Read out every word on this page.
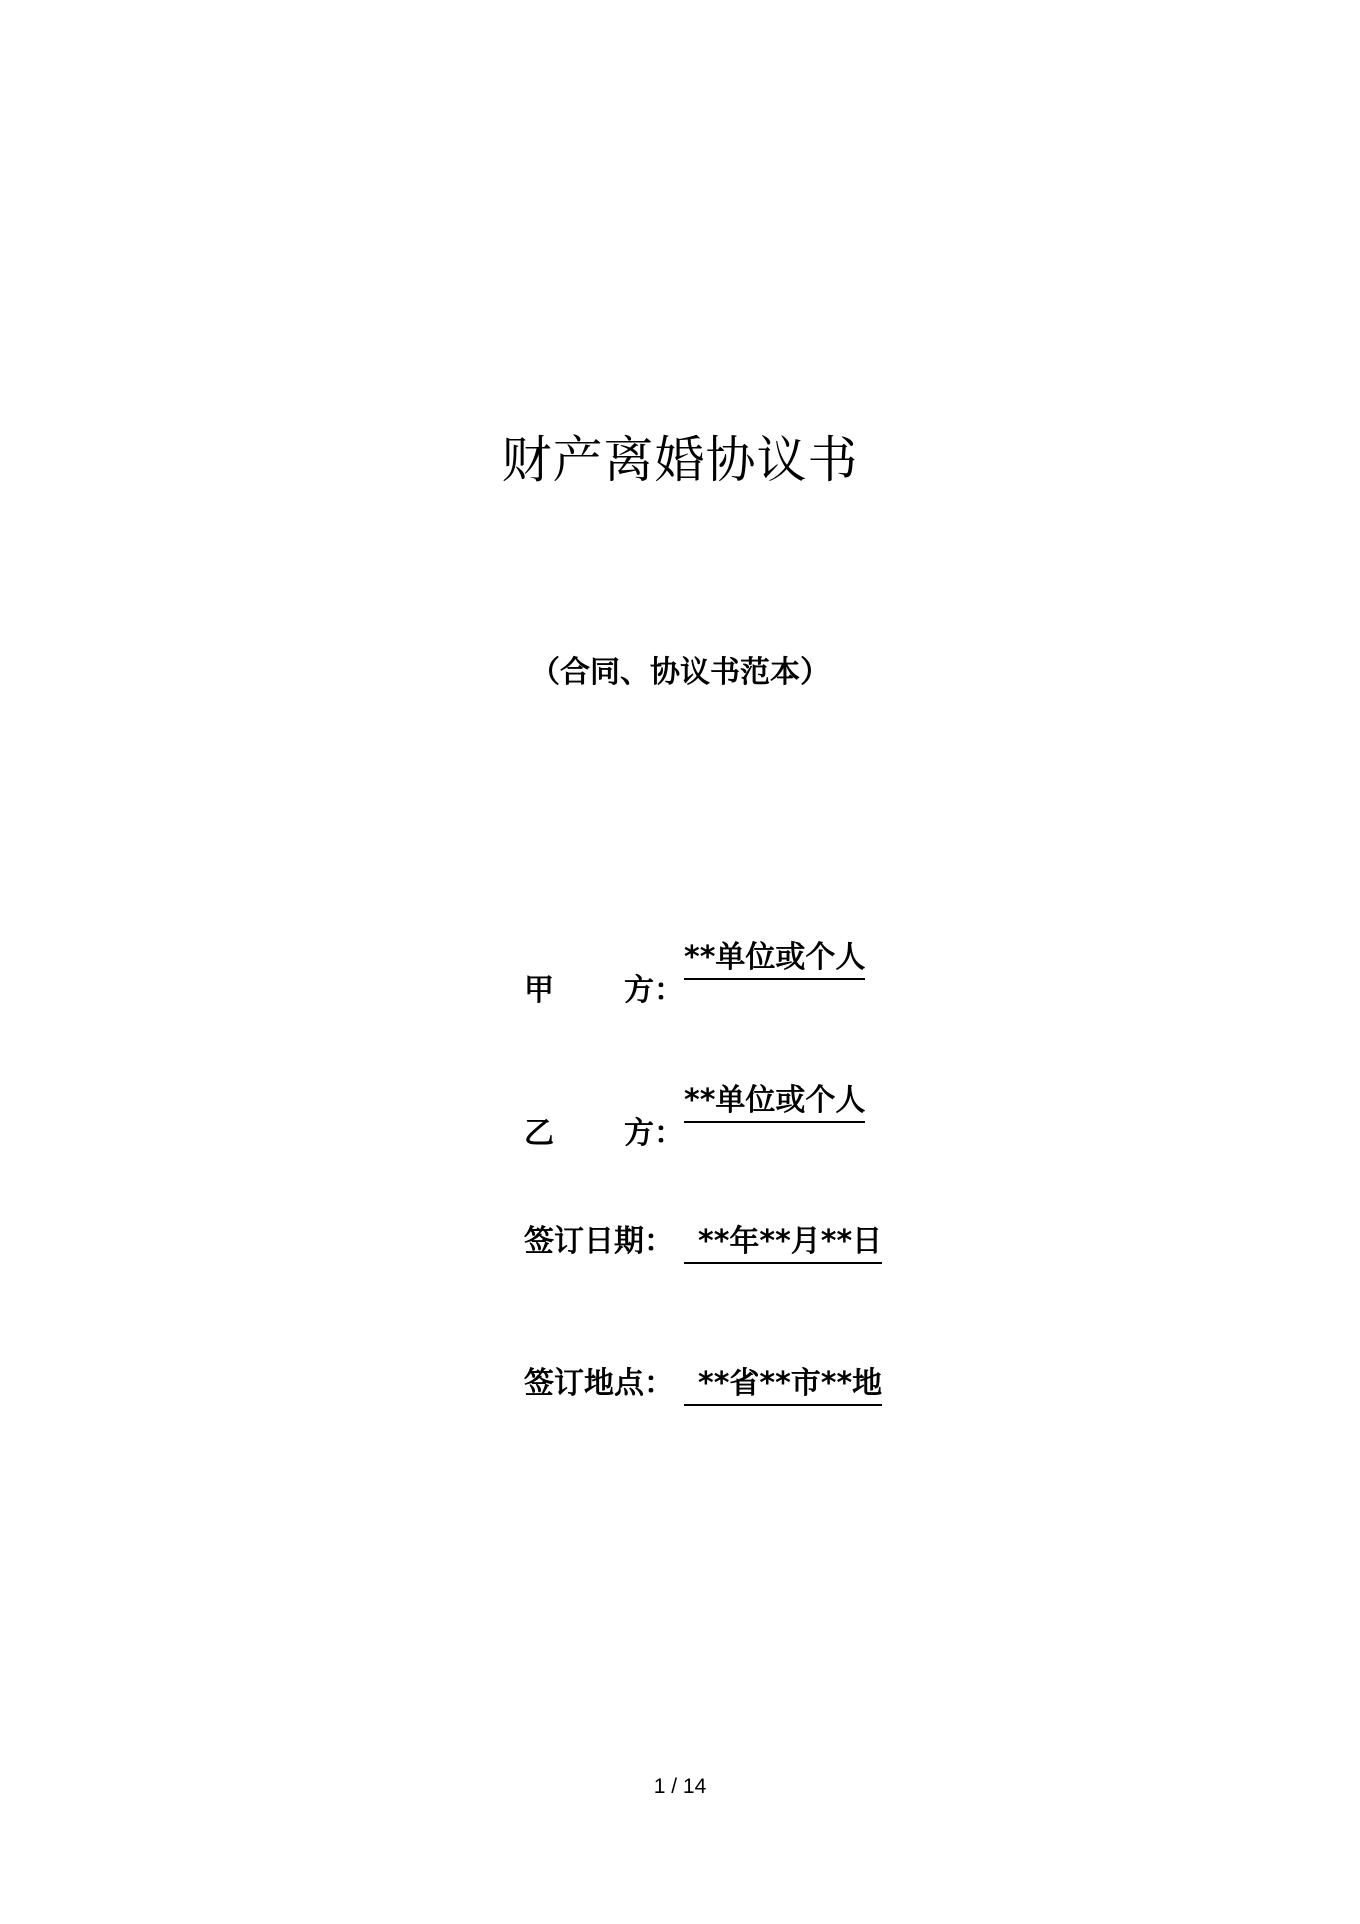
财产离婚协议书
（合同、协议书范本）
甲 方：
**单位或个人
乙 方：
**单位或个人
签订日期： **年**月**日
签订地点： **省**市**地
1 / 14
